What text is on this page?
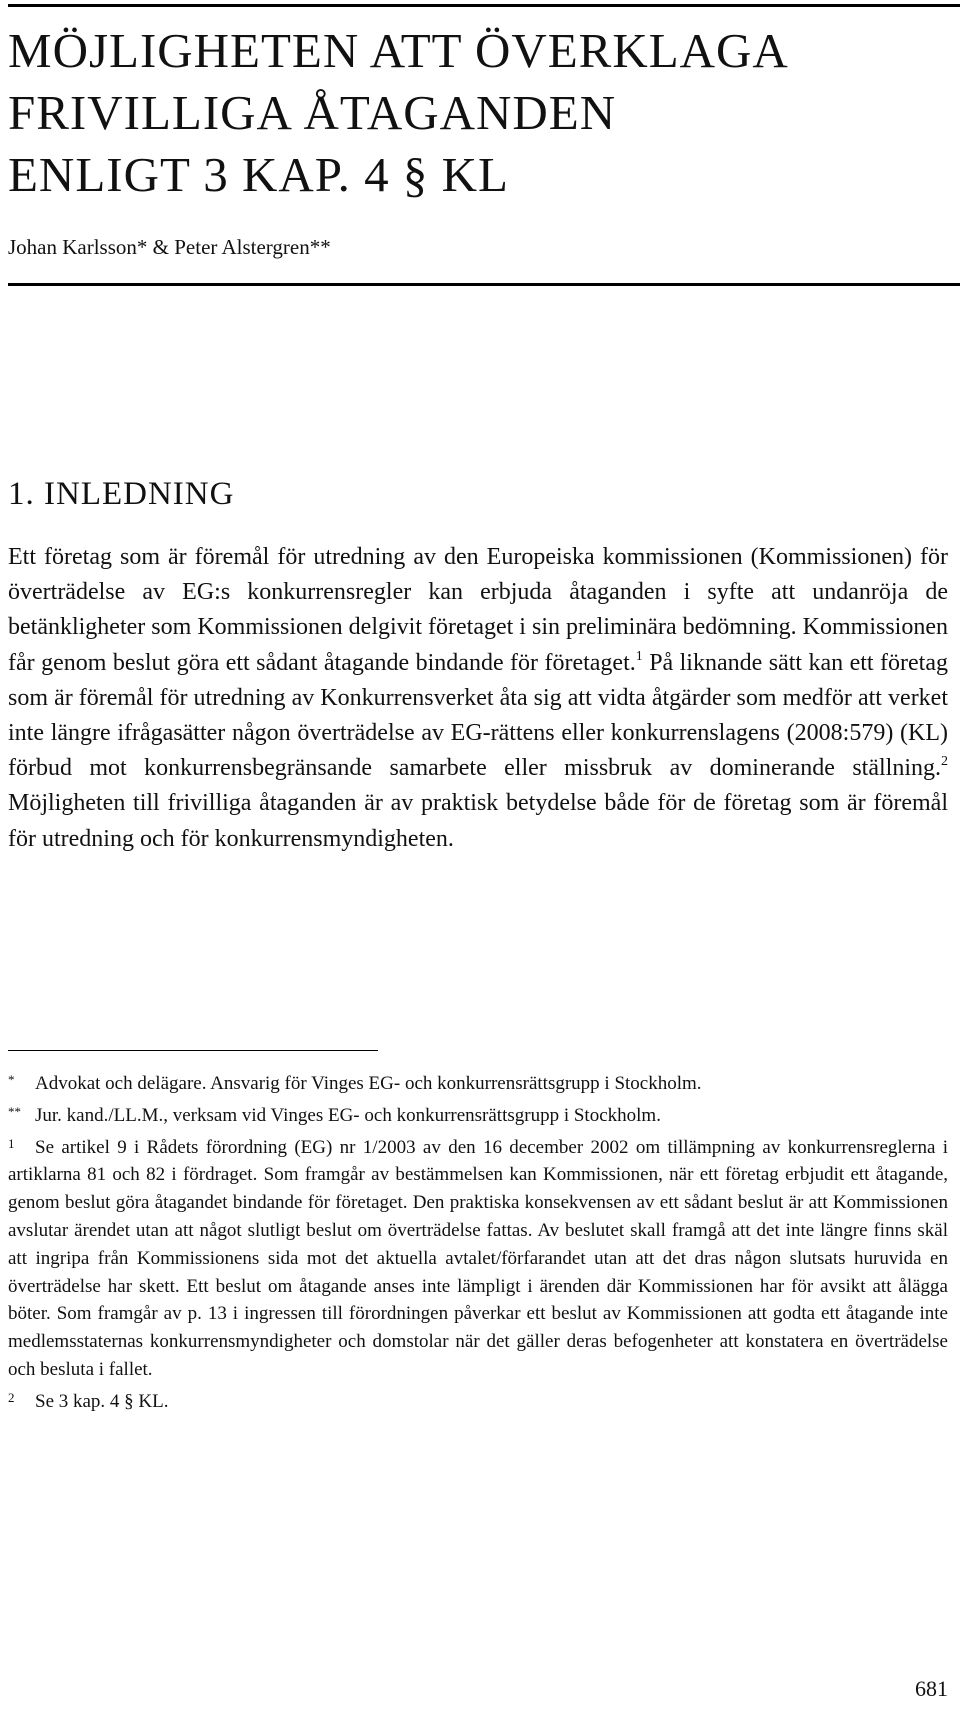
MÖJLIGHETEN ATT ÖVERKLAGA
FRIVILLIGA ÅTAGANDEN
ENLIGT 3 KAP. 4 § KL
Johan Karlsson* & Peter Alstergren**
1. INLEDNING

Ett företag som är föremål för utredning av den Europeiska kommissionen (Kommissionen) för överträdelse av EG:s konkurrensregler kan erbjuda åtaganden i syfte att undanröja de betänkligheter som Kommissionen delgivit företaget i sin preliminära bedömning. Kommissionen får genom beslut göra ett sådant åtagande bindande för företaget.$^1$ På liknande sätt kan ett företag som är föremål för utredning av Konkurrensverket åta sig att vidta åtgärder som medför att verket inte längre ifrågasätter någon överträdelse av EG-rättens eller konkurrenslagens (2008:579) (KL) förbud mot konkurrensbegränsande samarbete eller missbruk av dominerande ställning.$^2$ Möjligheten till frivilliga åtaganden är av praktisk betydelse både för de företag som är föremål för utredning och för konkurrensmyndigheten.

* Advokat och delägare. Ansvarig för Vinges EG- och konkurrensrättsgrupp i Stockholm.

** Jur. kand./LL.M., verksam vid Vinges EG- och konkurrensrättsgrupp i Stockholm.

1 Se artikel 9 i Rådets förordning (EG) nr 1/2003 av den 16 december 2002 om tillämpning av konkurrensreglerna i artiklarna 81 och 82 i fördraget. Som framgår av bestämmelsen kan Kommissionen, när ett företag erbjudit ett åtagande, genom beslut göra åtagandet bindande för företaget. Den praktiska konsekvensen av ett sådant beslut är att Kommissionen avslutar ärendet utan att något slutligt beslut om överträdelse fattas. Av beslutet skall framgå att det inte längre finns skäl att ingripa från Kommissionens sida mot det aktuella avtalet/förfarandet utan att det dras någon slutsats huruvida en överträdelse har skett. Ett beslut om åtagande anses inte lämpligt i ärenden där Kommissionen har för avsikt att ålägga böter. Som framgår av p. 13 i ingressen till förordningen påverkar ett beslut av Kommissionen att godta ett åtagande inte medlemsstaternas konkurrensmyndigheter och domstolar när det gäller deras befogenheter att konstatera en överträdelse och besluta i fallet.

2 Se 3 kap. 4 § KL.

681
